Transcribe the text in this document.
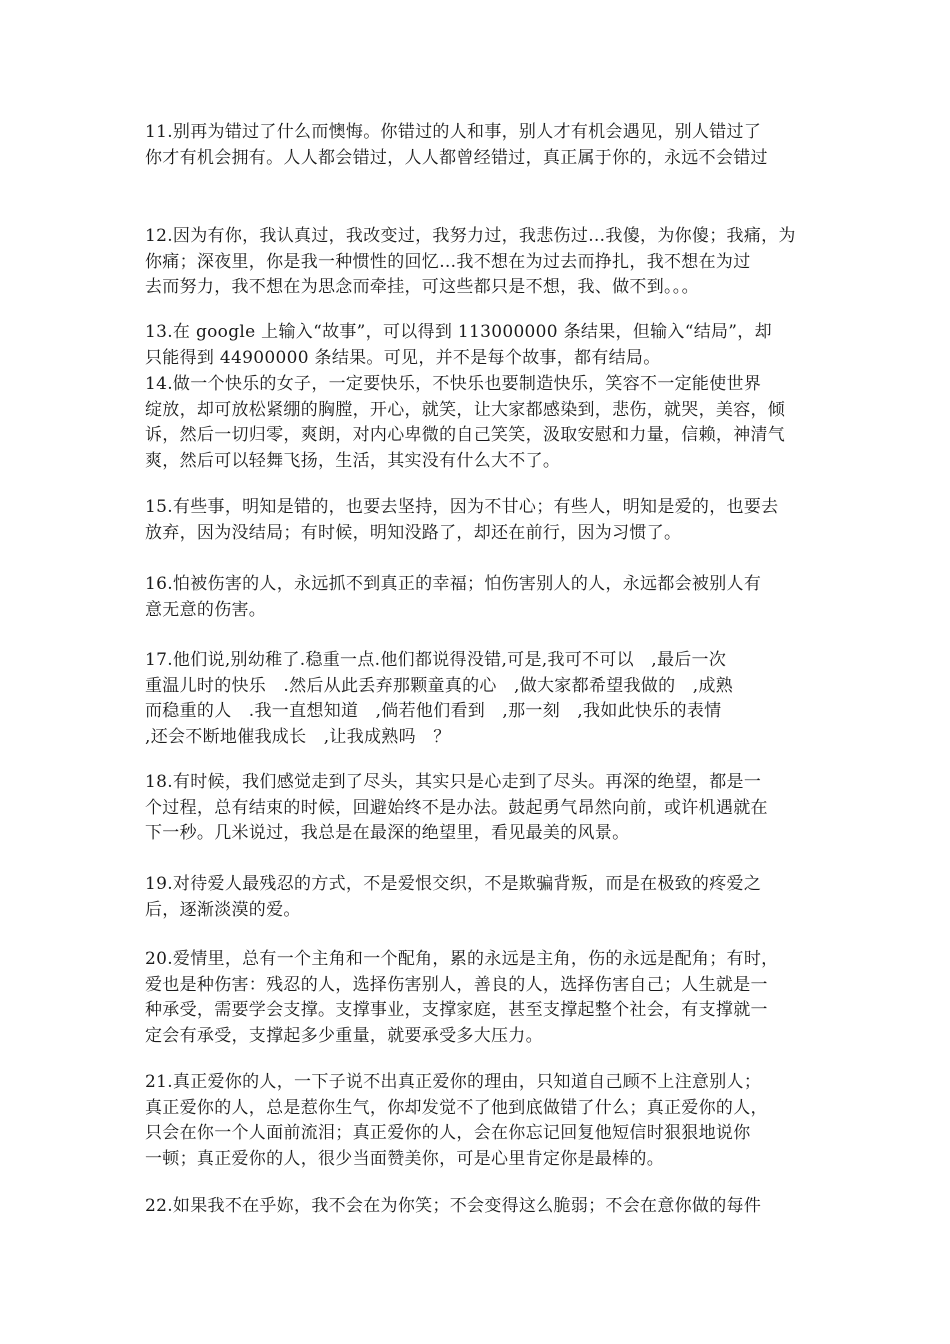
11.别再为错过了什么而懊悔。你错过的人和事，别人才有机会遇见，别人错过了
你才有机会拥有。人人都会错过，人人都曾经错过，真正属于你的，永远不会错过
12.因为有你，我认真过，我改变过，我努力过，我悲伤过…我傻，为你傻；我痛，为
你痛；深夜里，你是我一种惯性的回忆…我不想在为过去而挣扎，我不想在为过
去而努力，我不想在为思念而牵挂，可这些都只是不想，我、做不到。。。
13.在 google 上输入“故事”，可以得到 113000000 条结果，但输入“结局”，却
只能得到 44900000 条结果。可见，并不是每个故事，都有结局。
14.做一个快乐的女子，一定要快乐，不快乐也要制造快乐，笑容不一定能使世界
绽放，却可放松紧绷的胸膛，开心，就笑，让大家都感染到，悲伤，就哭，美容，倾
诉，然后一切归零，爽朗，对内心卑微的自己笑笑，汲取安慰和力量，信赖，神清气
爽，然后可以轻舞飞扬，生活，其实没有什么大不了。
15.有些事，明知是错的，也要去坚持，因为不甘心；有些人，明知是爱的，也要去
放弃，因为没结局；有时候，明知没路了，却还在前行，因为习惯了。
16.怕被伤害的人，永远抓不到真正的幸福；怕伤害别人的人，永远都会被别人有
意无意的伤害。
17.他们说,别幼稚了.稳重一点.他们都说得没错,可是,我可不可以　,最后一次
重温儿时的快乐　.然后从此丢弃那颗童真的心　,做大家都希望我做的　,成熟
而稳重的人　.我一直想知道　,倘若他们看到　,那一刻　,我如此快乐的表情
,还会不断地催我成长　,让我成熟吗　？
18.有时候，我们感觉走到了尽头，其实只是心走到了尽头。再深的绝望，都是一
个过程，总有结束的时候，回避始终不是办法。鼓起勇气昂然向前，或许机遇就在
下一秒。几米说过，我总是在最深的绝望里，看见最美的风景。
19.对待爱人最残忍的方式，不是爱恨交织，不是欺骗背叛，而是在极致的疼爱之
后，逐渐淡漠的爱。
20.爱情里，总有一个主角和一个配角，累的永远是主角，伤的永远是配角；有时，
爱也是种伤害：残忍的人，选择伤害别人，善良的人，选择伤害自己；人生就是一
种承受，需要学会支撑。支撑事业，支撑家庭，甚至支撑起整个社会，有支撑就一
定会有承受，支撑起多少重量，就要承受多大压力。
21.真正爱你的人，一下子说不出真正爱你的理由，只知道自己顾不上注意别人；
真正爱你的人，总是惹你生气，你却发觉不了他到底做错了什么；真正爱你的人，
只会在你一个人面前流泪；真正爱你的人，会在你忘记回复他短信时狠狠地说你
一顿；真正爱你的人，很少当面赞美你，可是心里肯定你是最棒的。
22.如果我不在乎妳，我不会在为你笑；不会变得这么脆弱；不会在意你做的每件
